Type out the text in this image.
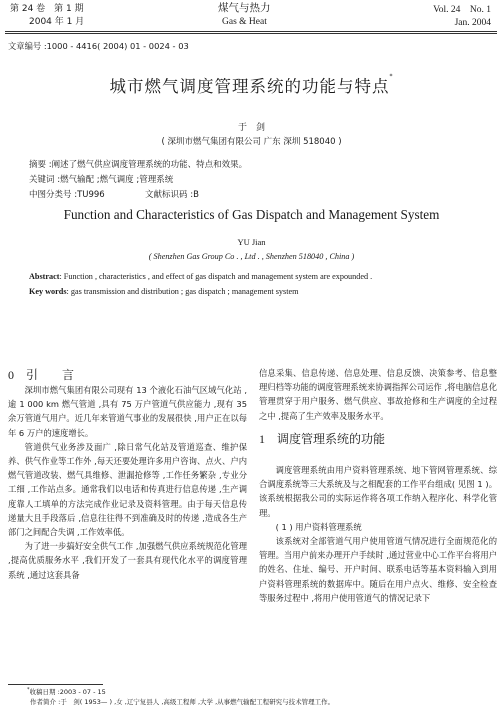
第 24 卷　第 1 期
2004 年 1 月
煤气与热力
Gas & Heat
Vol. 24　No. 1
Jan. 2004
文章编号 :1000 - 4416( 2004) 01 - 0024 - 03
城市燃气调度管理系统的功能与特点*
于　剑
( 深圳市燃气集团有限公司 广东 深圳 518040 )
摘要 :阐述了燃气供应调度管理系统的功能、特点和效果。
关键词 :燃气输配 ;燃气调度 ;管理系统
中图分类号 :TU996	文献标识码 :B
Function and Characteristics of Gas Dispatch and Management System
YU Jian
( Shenzhen Gas Group Co . , Ltd . , Shenzhen 518040 , China )
Abstract: Function , characteristics , and effect of gas dispatch and management system are expounded .
Key words: gas transmission and distribution ; gas dispatch ; management system
0 引　　言

深圳市燃气集团有限公司现有 13 个液化石油气区域气化站 ,逾 1 000 km 燃气管道 ,具有 75 万户管道气供应能力 ,现有 35 余万管道气用户。近几年来管道气事业的发展很快 ,用户正在以每年 6 万户的速度增长。

管道供气业务涉及面广 ,除日常气化站及管道巡查、维护保养、供气作业等工作外 ,每天还要处理许多用户咨询、点火、户内燃气管道改装、燃气具维修、泄漏抢修等 ,工作任务繁杂 ,专业分工细 ,工作站点多。通常我们以电话和传真进行信息传递 ,生产调度靠人工填单的方法完成作业记录及资料管理。由于每天信息传递量大且手段落后 ,信息往往得不到准确及时的传递 ,造成各生产部门之间配合失调 ,工作效率低。

为了进一步搞好安全供气工作 ,加强燃气供应系统规范化管理 ,提高优质服务水平 ,我们开发了一套具有现代化水平的调度管理系统 ,通过这套具备

信息采集、信息传递、信息处理、信息反馈、决策参考、信息整理归档等功能的调度管理系统来协调指挥公司运作 ,将电脑信息化管理贯穿于用户服务、燃气供应、事故抢修和生产调度的全过程之中 ,提高了生产效率及服务水平。

1 调度管理系统的功能

调度管理系统由用户资料管理系统、地下管网管理系统、综合调度系统等三大系统及与之相配套的工作平台组成( 见图 1 )。该系统根据我公司的实际运作将各项工作纳入程序化、科学化管理。

( 1 ) 用户资料管理系统

该系统对全部管道气用户使用管道气情况进行全面规范化的管理。当用户前来办理开户手续时 ,通过营业中心工作平台将用户的姓名、住址、编号、开户时间、联系电话等基本资料输入到用户资料管理系统的数据库中。随后在用户点火、维修、安全检查等服务过程中 ,将用户使用管道气的情况记录下

*收稿日期 :2003 - 07 - 15
作者简介 :于　剑( 1953— ) ,女 ,辽宁复县人 ,高级工程师 ,大学 ,从事燃气输配工程研究与技术管理工作。
